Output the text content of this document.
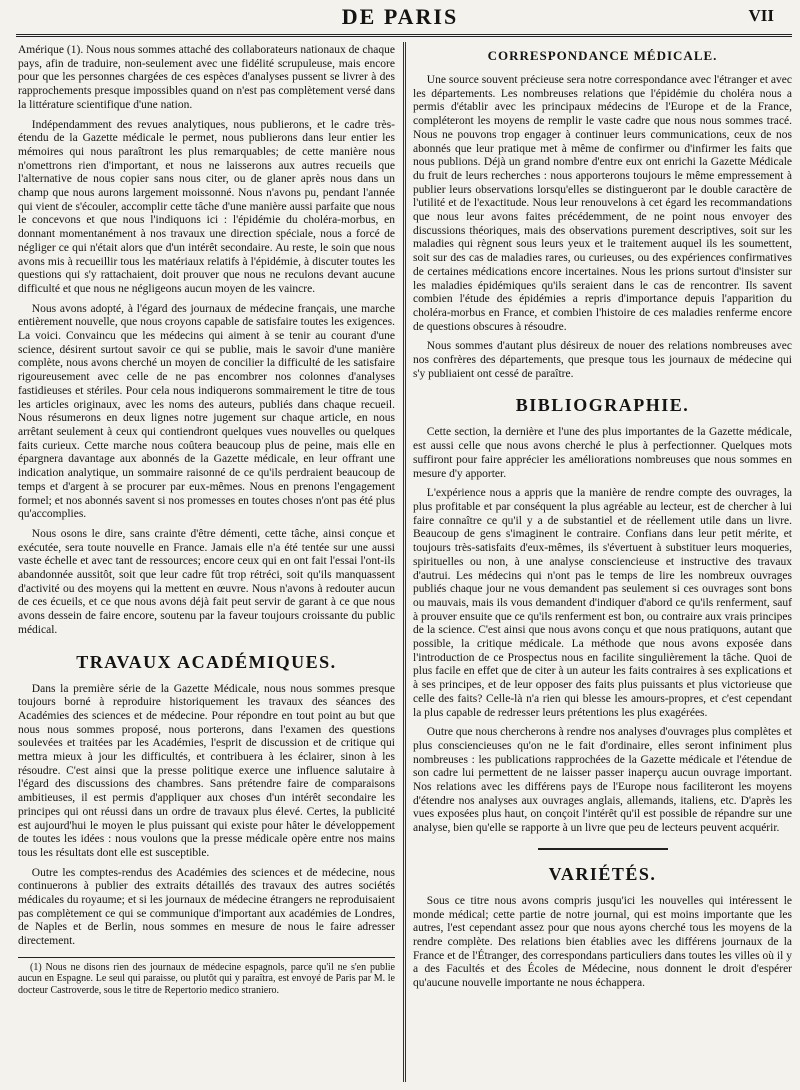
DE PARIS	VII

Amérique (1). Nous nous sommes attaché des collaborateurs nationaux de chaque pays, afin de traduire, non-seulement avec une fidélité scrupuleuse, mais encore pour que les personnes chargées de ces espèces d'analyses pussent se livrer à des rapprochements presque impossibles quand on n'est pas complètement versé dans la littérature scientifique d'une nation.

Indépendamment des revues analytiques, nous publierons, et le cadre très-étendu de la Gazette médicale le permet, nous publierons dans leur entier les mémoires qui nous paraîtront les plus remarquables; de cette manière nous n'omettrons rien d'important, et nous ne laisserons aux autres recueils que l'alternative de nous copier sans nous citer, ou de glaner après nous dans un champ que nous aurons largement moissonné. Nous n'avons pu, pendant l'année qui vient de s'écouler, accomplir cette tâche d'une manière aussi parfaite que nous le concevons et que nous l'indiquons ici : l'épidémie du choléra-morbus, en donnant momentanément à nos travaux une direction spéciale, nous a forcé de négliger ce qui n'était alors que d'un intérêt secondaire. Au reste, le soin que nous avons mis à recueillir tous les matériaux relatifs à l'épidémie, à discuter toutes les questions qui s'y rattachaient, doit prouver que nous ne reculons devant aucune difficulté et que nous ne négligeons aucun moyen de les vaincre.

Nous avons adopté, à l'égard des journaux de médecine français, une marche entièrement nouvelle, que nous croyons capable de satisfaire toutes les exigences. La voici. Convaincu que les médecins qui aiment à se tenir au courant d'une science, désirent surtout savoir ce qui se publie, mais le savoir d'une manière complète, nous avons cherché un moyen de concilier la difficulté de les satisfaire rigoureusement avec celle de ne pas encombrer nos colonnes d'analyses fastidieuses et stériles. Pour cela nous indiquerons sommairement le titre de tous les articles originaux, avec les noms des auteurs, publiés dans chaque recueil. Nous résumerons en deux lignes notre jugement sur chaque article, en nous arrêtant seulement à ceux qui contiendront quelques vues nouvelles ou quelques faits curieux. Cette marche nous coûtera beaucoup plus de peine, mais elle en épargnera davantage aux abonnés de la Gazette médicale, en leur offrant une indication analytique, un sommaire raisonné de ce qu'ils perdraient beaucoup de temps et d'argent à se procurer par eux-mêmes. Nous en prenons l'engagement formel; et nos abonnés savent si nos promesses en toutes choses n'ont pas été plus qu'accomplies.

Nous osons le dire, sans crainte d'être démenti, cette tâche, ainsi conçue et exécutée, sera toute nouvelle en France. Jamais elle n'a été tentée sur une aussi vaste échelle et avec tant de ressources; encore ceux qui en ont fait l'essai l'ont-ils abandonnée aussitôt, soit que leur cadre fût trop rétréci, soit qu'ils manquassent d'activité ou des moyens qui la mettent en œuvre. Nous n'avons à redouter aucun de ces écueils, et ce que nous avons déjà fait peut servir de garant à ce que nous avons dessein de faire encore, soutenu par la faveur toujours croissante du public médical.

TRAVAUX ACADÉMIQUES.

Dans la première série de la Gazette Médicale, nous nous sommes presque toujours borné à reproduire historiquement les travaux des séances des Académies des sciences et de médecine. Pour répondre en tout point au but que nous nous sommes proposé, nous porterons, dans l'examen des questions soulevées et traitées par les Académies, l'esprit de discussion et de critique qui mettra mieux à jour les difficultés, et contribuera à les éclairer, sinon à les résoudre. C'est ainsi que la presse politique exerce une influence salutaire à l'égard des discussions des chambres. Sans prétendre faire de comparaisons ambitieuses, il est permis d'appliquer aux choses d'un intérêt secondaire les principes qui ont réussi dans un ordre de travaux plus élevé. Certes, la publicité est aujourd'hui le moyen le plus puissant qui existe pour hâter le développement de toutes les idées : nous voulons que la presse médicale opère entre nos mains tous les résultats dont elle est susceptible.

Outre les comptes-rendus des Académies des sciences et de médecine, nous continuerons à publier des extraits détaillés des travaux des autres sociétés médicales du royaume; et si les journaux de médecine étrangers ne reproduisaient pas complètement ce qui se communique d'important aux académies de Londres, de Naples et de Berlin, nous sommes en mesure de nous le faire adresser directement.

(1) Nous ne disons rien des journaux de médecine espagnols, parce qu'il ne s'en publie aucun en Espagne. Le seul qui paraisse, ou plutôt qui y paraîtra, est envoyé de Paris par M. le docteur Castroverde, sous le titre de Repertorio medico straniero.

CORRESPONDANCE MÉDICALE.

Une source souvent précieuse sera notre correspondance avec l'étranger et avec les départements. Les nombreuses relations que l'épidémie du choléra nous a permis d'établir avec les principaux médecins de l'Europe et de la France, compléteront les moyens de remplir le vaste cadre que nous nous sommes tracé. Nous ne pouvons trop engager à continuer leurs communications, ceux de nos abonnés que leur pratique met à même de confirmer ou d'infirmer les faits que nous publions. Déjà un grand nombre d'entre eux ont enrichi la Gazette Médicale du fruit de leurs recherches : nous apporterons toujours le même empressement à publier leurs observations lorsqu'elles se distingueront par le double caractère de l'utilité et de l'exactitude. Nous leur renouvelons à cet égard les recommandations que nous leur avons faites précédemment, de ne point nous envoyer des discussions théoriques, mais des observations purement descriptives, soit sur les maladies qui règnent sous leurs yeux et le traitement auquel ils les soumettent, soit sur des cas de maladies rares, ou curieuses, ou des expériences confirmatives de certaines médications encore incertaines. Nous les prions surtout d'insister sur les maladies épidémiques qu'ils seraient dans le cas de rencontrer. Ils savent combien l'étude des épidémies a repris d'importance depuis l'apparition du choléra-morbus en France, et combien l'histoire de ces maladies renferme encore de questions obscures à résoudre.

Nous sommes d'autant plus désireux de nouer des relations nombreuses avec nos confrères des départements, que presque tous les journaux de médecine qui s'y publiaient ont cessé de paraître.

BIBLIOGRAPHIE.

Cette section, la dernière et l'une des plus importantes de la Gazette médicale, est aussi celle que nous avons cherché le plus à perfectionner. Quelques mots suffiront pour faire apprécier les améliorations nombreuses que nous sommes en mesure d'y apporter.

L'expérience nous a appris que la manière de rendre compte des ouvrages, la plus profitable et par conséquent la plus agréable au lecteur, est de chercher à lui faire connaître ce qu'il y a de substantiel et de réellement utile dans un livre. Beaucoup de gens s'imaginent le contraire. Confians dans leur petit mérite, et toujours très-satisfaits d'eux-mêmes, ils s'évertuent à substituer leurs moqueries, spirituelles ou non, à une analyse consciencieuse et instructive des travaux d'autrui. Les médecins qui n'ont pas le temps de lire les nombreux ouvrages publiés chaque jour ne vous demandent pas seulement si ces ouvrages sont bons ou mauvais, mais ils vous demandent d'indiquer d'abord ce qu'ils renferment, sauf à prouver ensuite que ce qu'ils renferment est bon, ou contraire aux vrais principes de la science. C'est ainsi que nous avons conçu et que nous pratiquons, autant que possible, la critique médicale. La méthode que nous avons exposée dans l'introduction de ce Prospectus nous en facilite singulièrement la tâche. Quoi de plus facile en effet que de citer à un auteur les faits contraires à ses explications et à ses principes, et de leur opposer des faits plus puissants et plus victorieuse que celle des faits? Celle-là n'a rien qui blesse les amours-propres, et c'est cependant la plus capable de redresser leurs prétentions les plus exagérées.

Outre que nous chercherons à rendre nos analyses d'ouvrages plus complètes et plus consciencieuses qu'on ne le fait d'ordinaire, elles seront infiniment plus nombreuses : les publications rapprochées de la Gazette médicale et l'étendue de son cadre lui permettent de ne laisser passer inaperçu aucun ouvrage important. Nos relations avec les différens pays de l'Europe nous faciliteront les moyens d'étendre nos analyses aux ouvrages anglais, allemands, italiens, etc. D'après les vues exposées plus haut, on conçoit l'intérêt qu'il est possible de répandre sur une analyse, bien qu'elle se rapporte à un livre que peu de lecteurs peuvent acquérir.

VARIÉTÉS.

Sous ce titre nous avons compris jusqu'ici les nouvelles qui intéressent le monde médical; cette partie de notre journal, qui est moins importante que les autres, l'est cependant assez pour que nous ayons cherché tous les moyens de la rendre complète. Des relations bien établies avec les différens journaux de la France et de l'Étranger, des correspondans particuliers dans toutes les villes où il y a des Facultés et des Écoles de Médecine, nous donnent le droit d'espérer qu'aucune nouvelle importante ne nous échappera.
